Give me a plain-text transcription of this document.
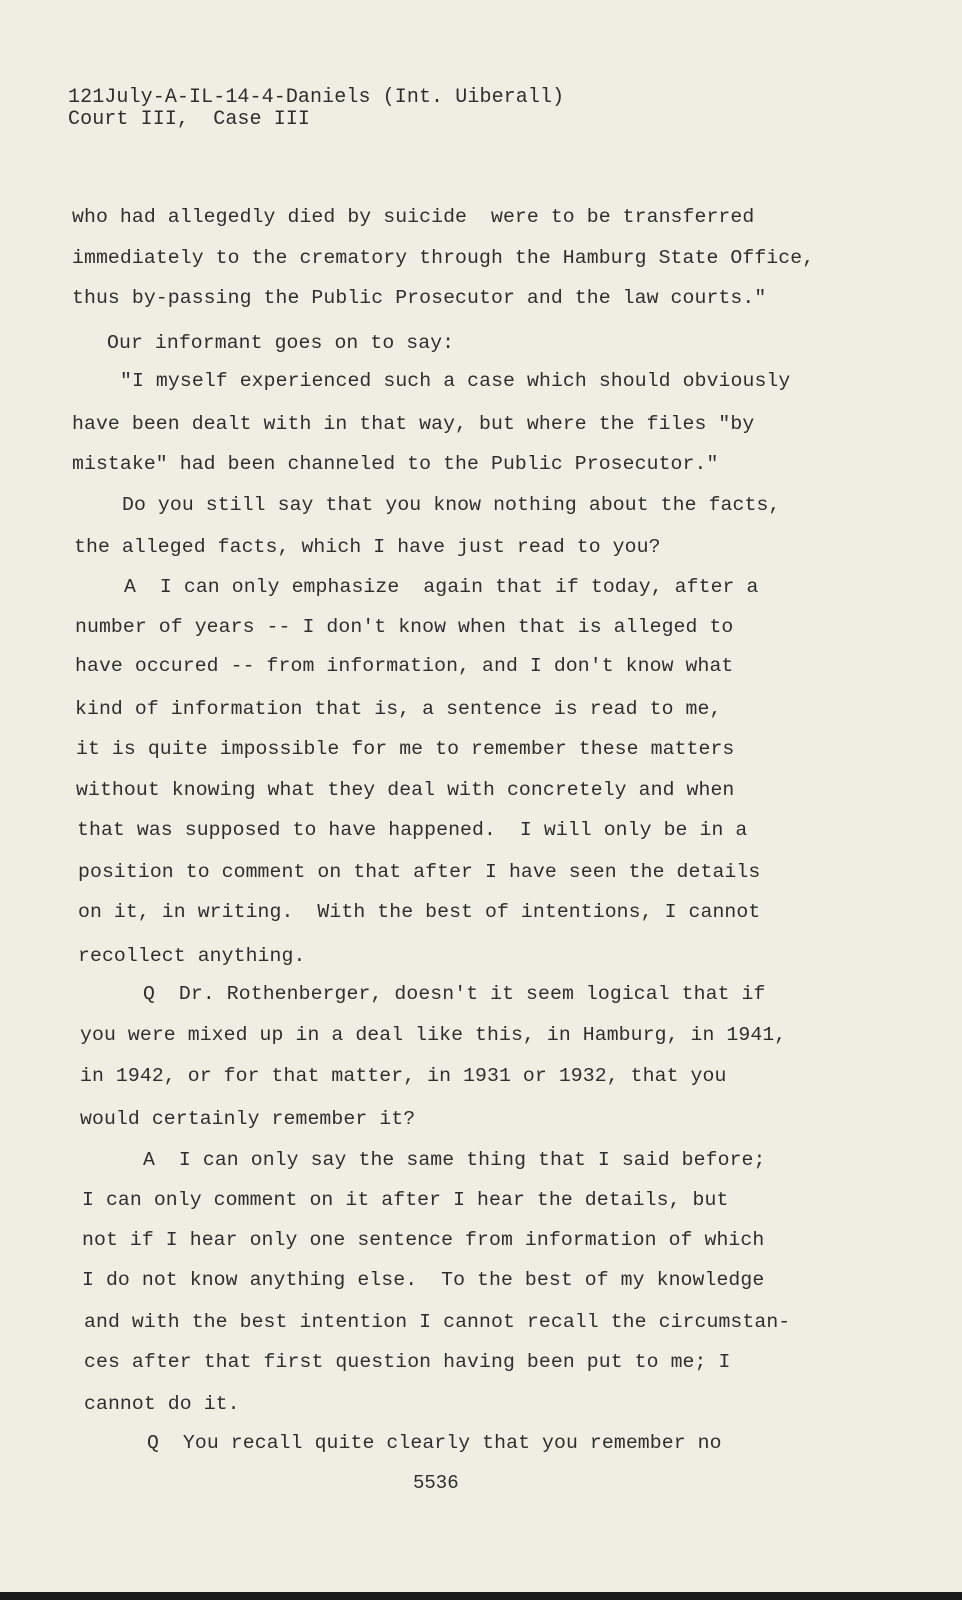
121July-A-IL-14-4-Daniels (Int. Uiberall)
Court III,  Case III
who had allegedly died by suicide  were to be transferred
immediately to the crematory through the Hamburg State Office,
thus by-passing the Public Prosecutor and the law courts."
Our informant goes on to say:
"I myself experienced such a case which should obviously
have been dealt with in that way, but where the files "by
mistake" had been channeled to the Public Prosecutor."
Do you still say that you know nothing about the facts,
the alleged facts, which I have just read to you?
A  I can only emphasize  again that if today, after a
number of years -- I don't know when that is alleged to
have occured -- from information, and I don't know what
kind of information that is, a sentence is read to me,
it is quite impossible for me to remember these matters
without knowing what they deal with concretely and when
that was supposed to have happened.  I will only be in a
position to comment on that after I have seen the details
on it, in writing.  With the best of intentions, I cannot
recollect anything.
Q  Dr. Rothenberger, doesn't it seem logical that if
you were mixed up in a deal like this, in Hamburg, in 1941,
in 1942, or for that matter, in 1931 or 1932, that you
would certainly remember it?
A  I can only say the same thing that I said before;
I can only comment on it after I hear the details, but
not if I hear only one sentence from information of which
I do not know anything else.  To the best of my knowledge
and with the best intention I cannot recall the circumstan-
ces after that first question having been put to me; I
cannot do it.
Q  You recall quite clearly that you remember no
5536
